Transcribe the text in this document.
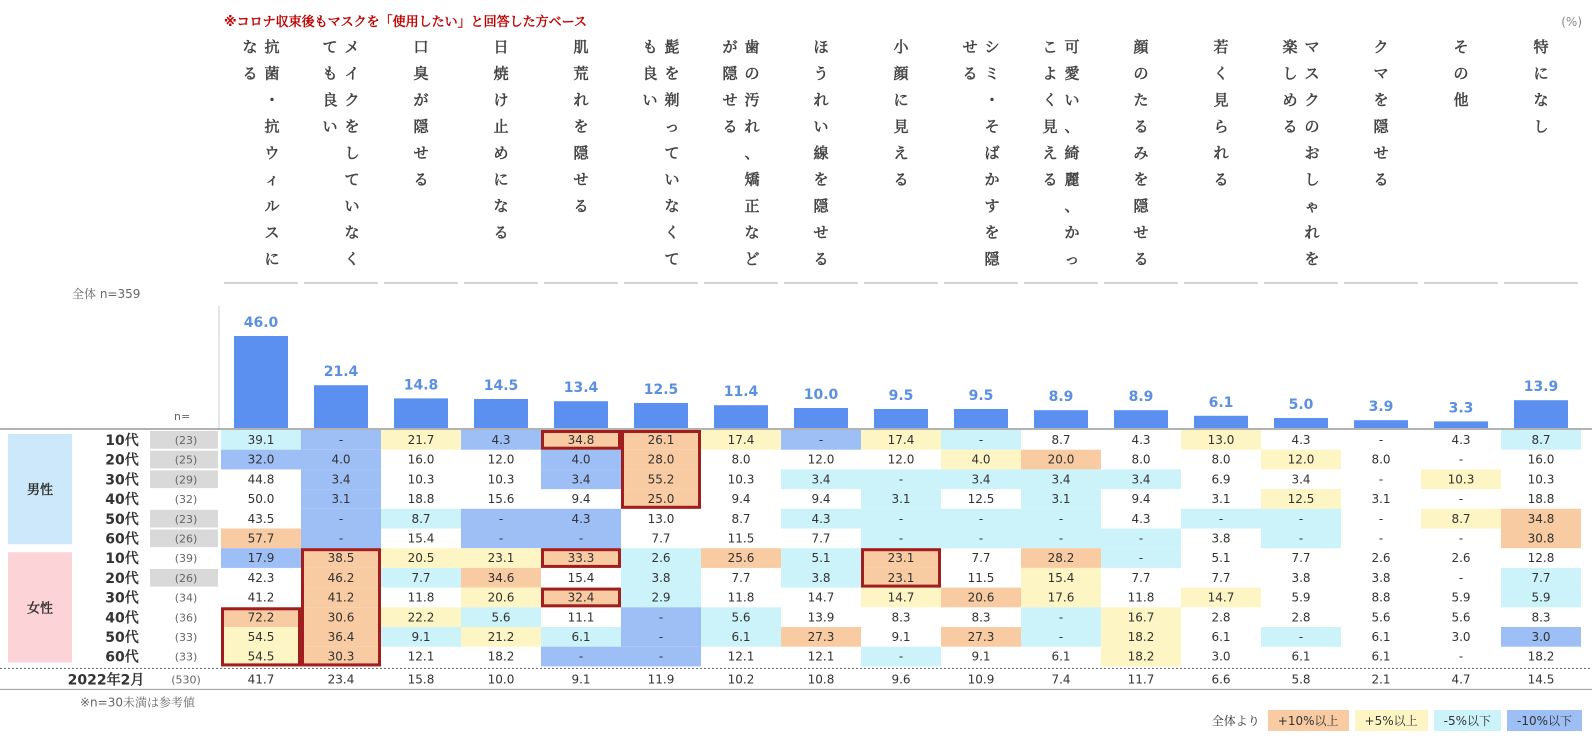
※コロナ収束後もマスクを「使用したい」と回答した方ベース	(%)
抗
菌
・
抗
ウ
ィ
ル
ス
に
な
る
メ
イ
ク
を
し
て
い
な
く
て
も
良
い
口
臭
が
隠
せ
る
日
焼
け
止
め
に
な
る
肌
荒
れ
を
隠
せ
る
髭
を
剃
っ
て
い
な
く
て
も
良
い
歯
の
汚
れ
、
矯
正
な
ど
が
隠
せ
る
ほ
う
れ
い
線
を
隠
せ
る
小
顔
に
見
え
る
シ
ミ
・
そ
ば
か
す
を
隠
せ
る
可
愛
い
、
綺
麗
、
か
っ
こ
よ
く
見
え
る
顔
の
た
る
み
を
隠
せ
る
若
く
見
ら
れ
る
マ
ス
ク
の
お
し
ゃ
れ
を
楽
し
め
る
ク
マ
を
隠
せ
る
そ
の
他
特
に
な
し
全体 n=359
n=
46.0
21.4
14.8	14.5	13.4	12.5	11.4	10.0	9.5	9.5	8.9	8.9	6.1	5.0	3.9	3.3
13.9
男性
女性
10代	(23)	39.1	-	21.7	4.3	34.8	26.1	17.4	-	17.4	-	8.7	4.3	13.0	4.3	-	4.3	8.7
20代	(25)	32.0	4.0	16.0	12.0	4.0	28.0	8.0	12.0	12.0	4.0	20.0	8.0	8.0	12.0	8.0	-	16.0
30代	(29)	44.8	3.4	10.3	10.3	3.4	55.2	10.3	3.4	-	3.4	3.4	3.4	6.9	3.4	-	10.3	10.3
40代	(32)	50.0	3.1	18.8	15.6	9.4	25.0	9.4	9.4	3.1	12.5	3.1	9.4	3.1	12.5	3.1	-	18.8
50代	(23)	43.5	-	8.7	-	4.3	13.0	8.7	4.3	-	-	-	4.3	-	-	-	8.7	34.8
60代	(26)	57.7	-	15.4	-	-	7.7	11.5	7.7	-	-	-	-	3.8	-	-	-	30.8
10代	(39)	17.9	38.5	20.5	23.1	33.3	2.6	25.6	5.1	23.1	7.7	28.2	-	5.1	7.7	2.6	2.6	12.8
20代	(26)	42.3	46.2	7.7	34.6	15.4	3.8	7.7	3.8	23.1	11.5	15.4	7.7	7.7	3.8	3.8	-	7.7
30代	(34)	41.2	41.2	11.8	20.6	32.4	2.9	11.8	14.7	14.7	20.6	17.6	11.8	14.7	5.9	8.8	5.9	5.9
40代	(36)	72.2	30.6	22.2	5.6	11.1	-	5.6	13.9	8.3	8.3	-	16.7	2.8	2.8	5.6	5.6	8.3
50代	(33)	54.5	36.4	9.1	21.2	6.1	-	6.1	27.3	9.1	27.3	-	18.2	6.1	-	6.1	3.0	3.0
60代	(33)	54.5	30.3	12.1	18.2	-	-	12.1	12.1	-	9.1	6.1	18.2	3.0	6.1	6.1	-	18.2
2022年2月 (530)	41.7	23.4	15.8	10.0	9.1	11.9	10.2	10.8	9.6	10.9	7.4	11.7	6.6	5.8	2.1	4.7	14.5
※n=30未満は参考値
全体より	+10%以上	+5%以上	-5%以下	-10%以下
